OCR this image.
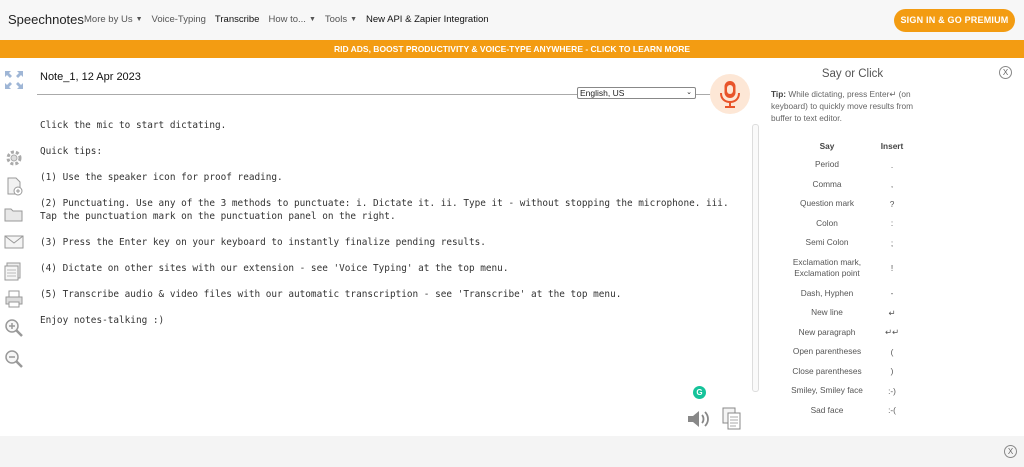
Speechnotes More by Us ▼ Voice-Typing Transcribe How to... ▼ Tools ▼ New API & Zapier Integration	SIGN IN & GO PREMIUM
RID ADS, BOOST PRODUCTIVITY & VOICE-TYPE ANYWHERE - CLICK TO LEARN MORE
Note_1, 12 Apr 2023
English, US	⌄

Click the mic to start dictating.

Quick tips:

(1) Use the speaker icon for proof reading.

(2) Punctuating. Use any of the 3 methods to punctuate: i. Dictate it. ii. Type it - without stopping the microphone. iii. Tap the punctuation mark on the punctuation panel on the right.

(3) Press the Enter key on your keyboard to instantly finalize pending results.

(4) Dictate on other sites with our extension - see 'Voice Typing' at the top menu.

(5) Transcribe audio & video files with our automatic transcription - see 'Transcribe' at the top menu.

Enjoy notes-talking :)

G
Say or Click	X
Tip: While dictating, press Enter↵ (on keyboard) to quickly move results from buffer to text editor.
Say	Insert
Period	.
Comma	,
Question mark	?
Colon	:
Semi Colon	;
Exclamation mark, Exclamation point	!
Dash, Hyphen	-
New line	↵
New paragraph	↵↵
Open parentheses	(
Close parentheses	)
Smiley, Smiley face	:-)
Sad face	:-(
X
